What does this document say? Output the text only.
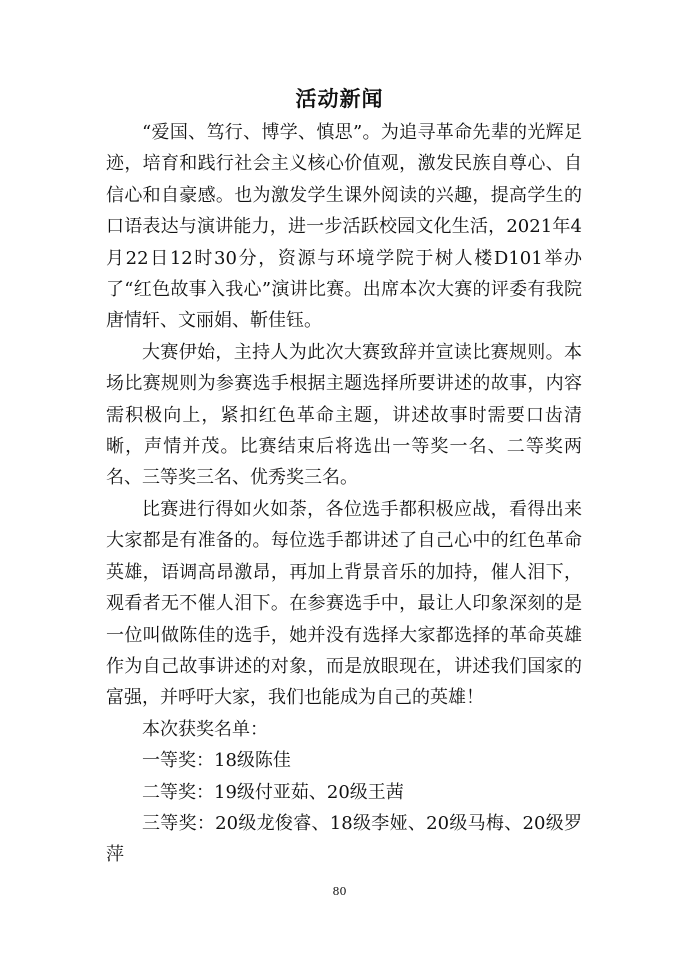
活动新闻

“爱国、笃行、博学、慎思”。为追寻革命先辈的光辉足迹，培育和践行社会主义核心价值观，激发民族自尊心、自信心和自豪感。也为激发学生课外阅读的兴趣，提高学生的口语表达与演讲能力，进一步活跃校园文化生活，2021年4月22日12时30分，资源与环境学院于树人楼D101举办了“红色故事入我心”演讲比赛。出席本次大赛的评委有我院唐情轩、文丽娟、靳佳钰。

大赛伊始，主持人为此次大赛致辞并宣读比赛规则。本场比赛规则为参赛选手根据主题选择所要讲述的故事，内容需积极向上，紧扣红色革命主题，讲述故事时需要口齿清晰，声情并茂。比赛结束后将选出一等奖一名、二等奖两名、三等奖三名、优秀奖三名。

比赛进行得如火如荼，各位选手都积极应战，看得出来大家都是有准备的。每位选手都讲述了自己心中的红色革命英雄，语调高昂激昂，再加上背景音乐的加持，催人泪下，观看者无不催人泪下。在参赛选手中，最让人印象深刻的是一位叫做陈佳的选手，她并没有选择大家都选择的革命英雄作为自己故事讲述的对象，而是放眼现在，讲述我们国家的富强，并呼吁大家，我们也能成为自己的英雄！

本次获奖名单：

一等奖：18级陈佳

二等奖：19级付亚茹、20级王茜

三等奖：20级龙俊睿、18级李娅、20级马梅、20级罗萍

80
